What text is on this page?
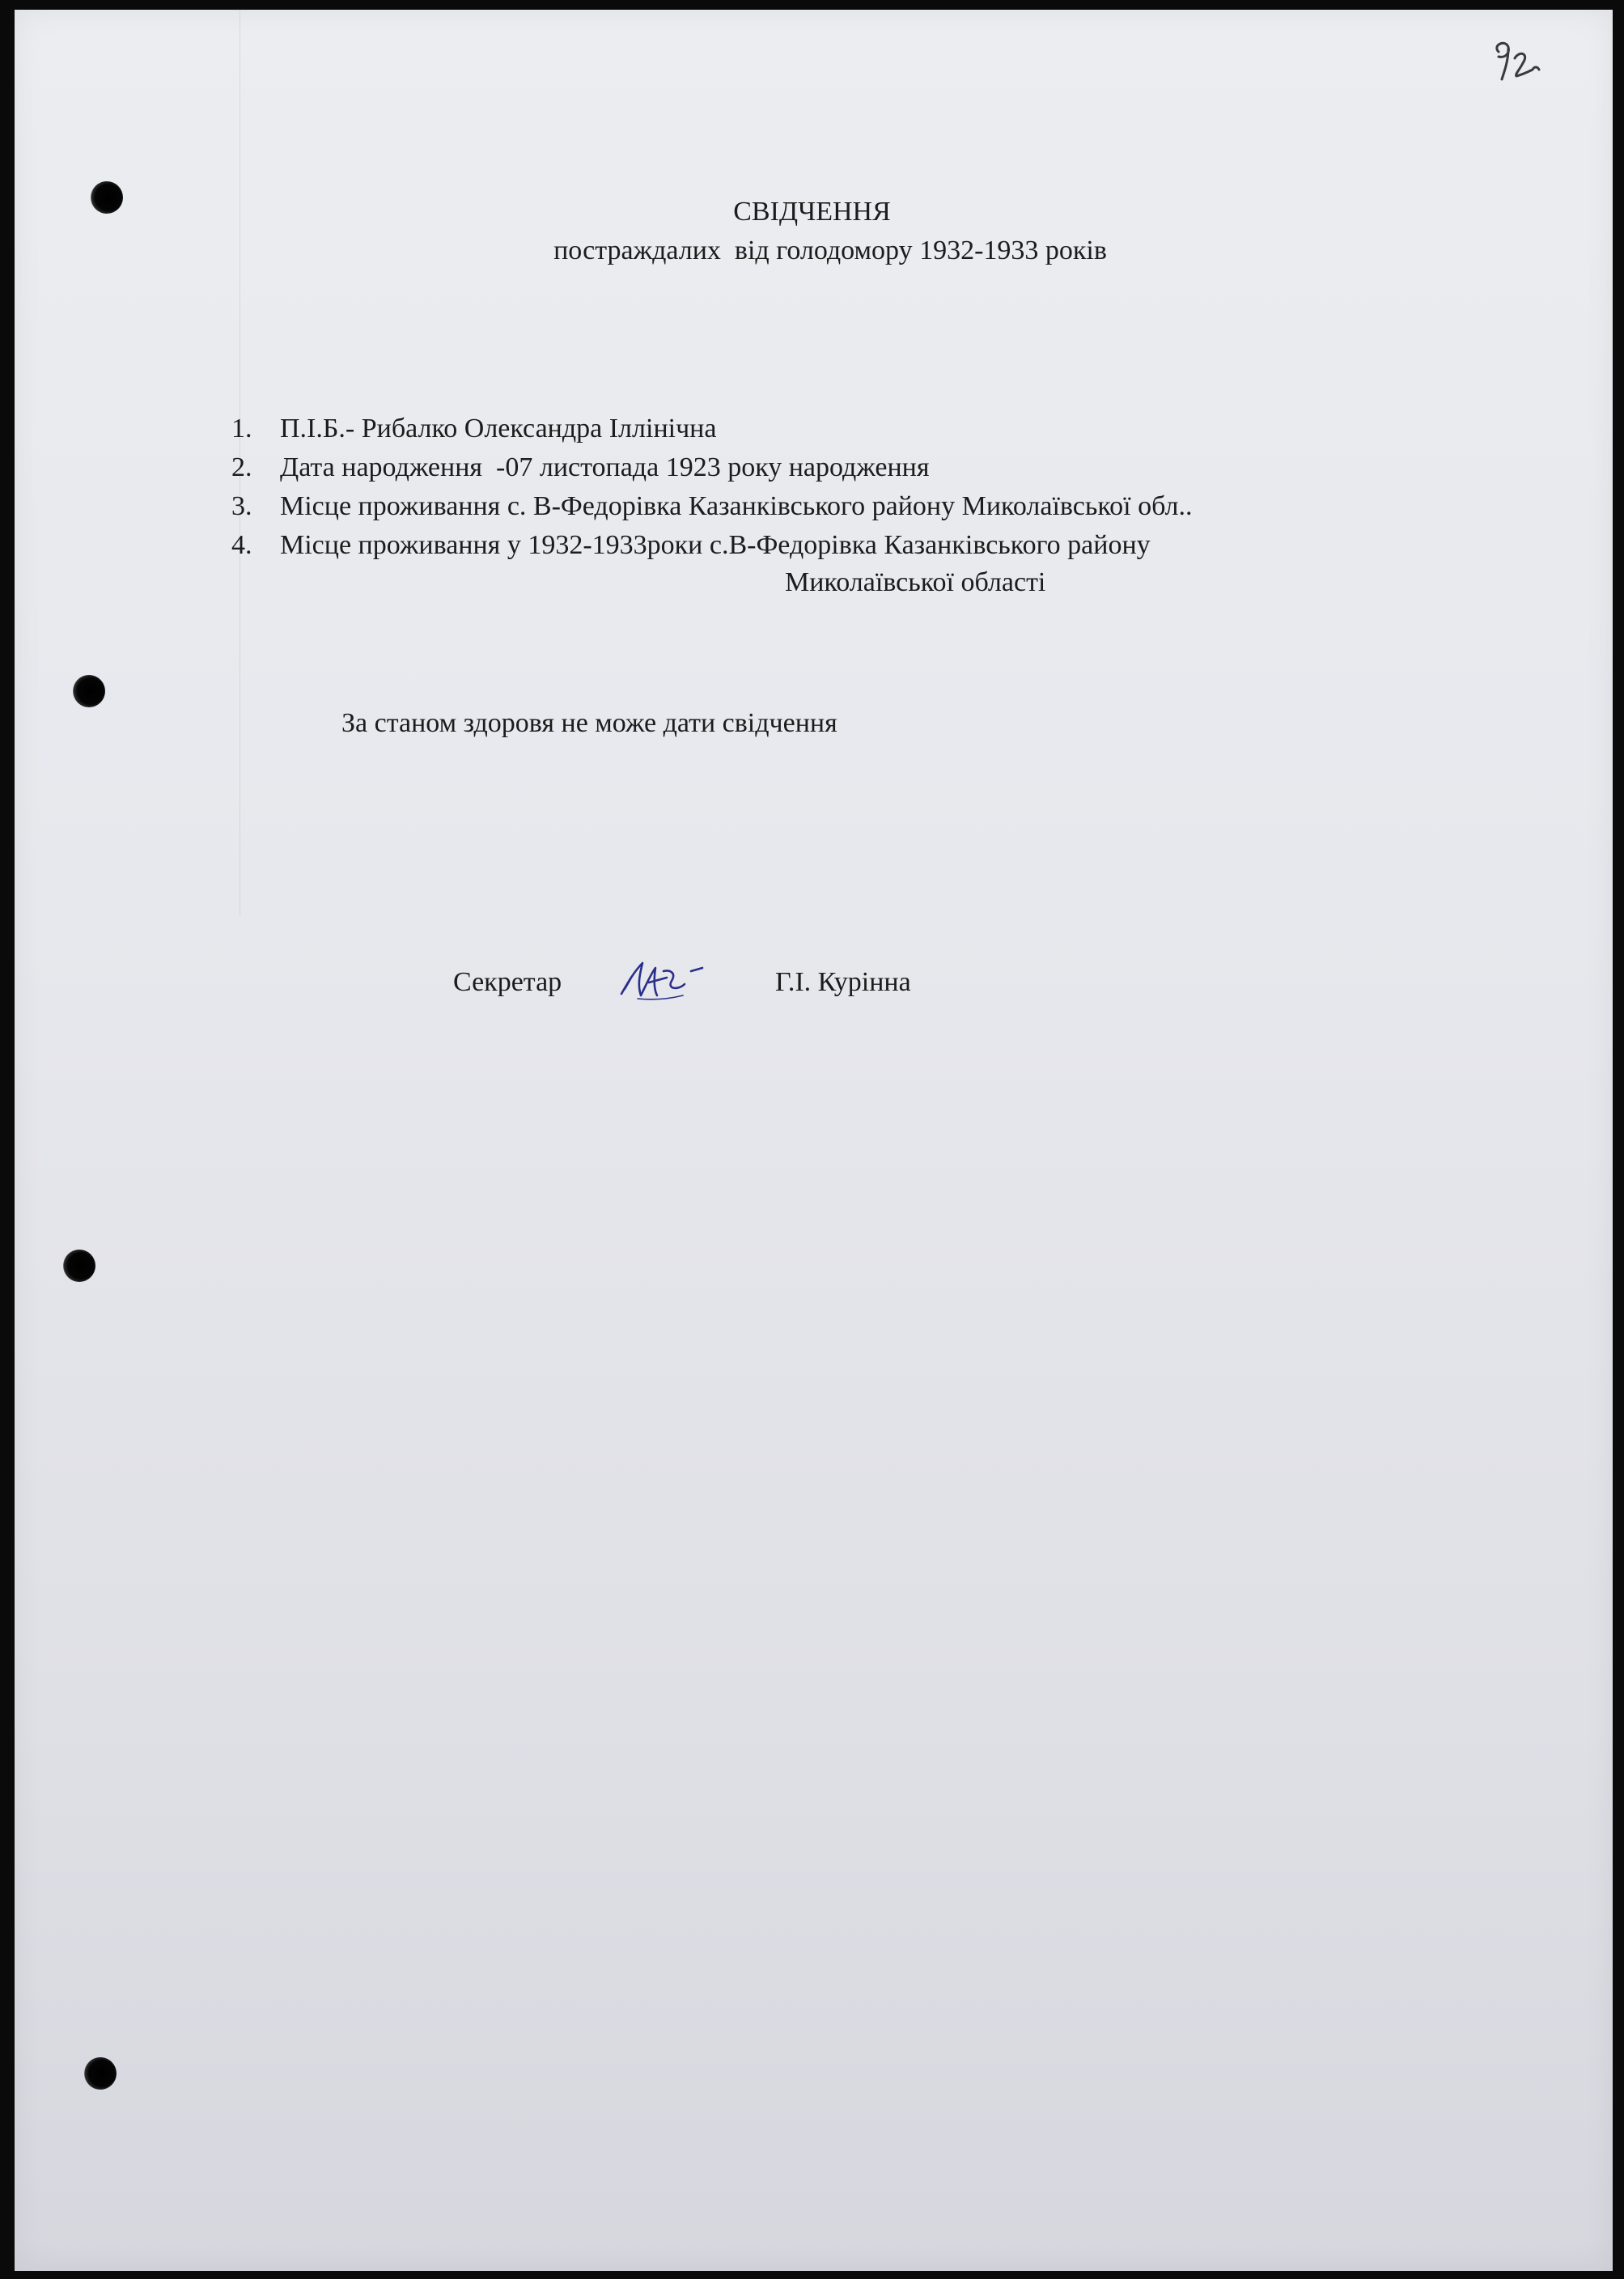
СВІДЧЕННЯ
постраждалих  від голодомору 1932-1933 років
1. П.І.Б.- Рибалко Олександра Іллінічна
2. Дата народження  -07 листопада 1923 року народження
3. Місце проживання с. В-Федорівка Казанківського району Миколаївської обл..
4. Місце проживання у 1932-1933роки с.В-Федорівка Казанківського району
Миколаївської області
За станом здоровя не може дати свідчення
Секретар	Г.І. Курінна
